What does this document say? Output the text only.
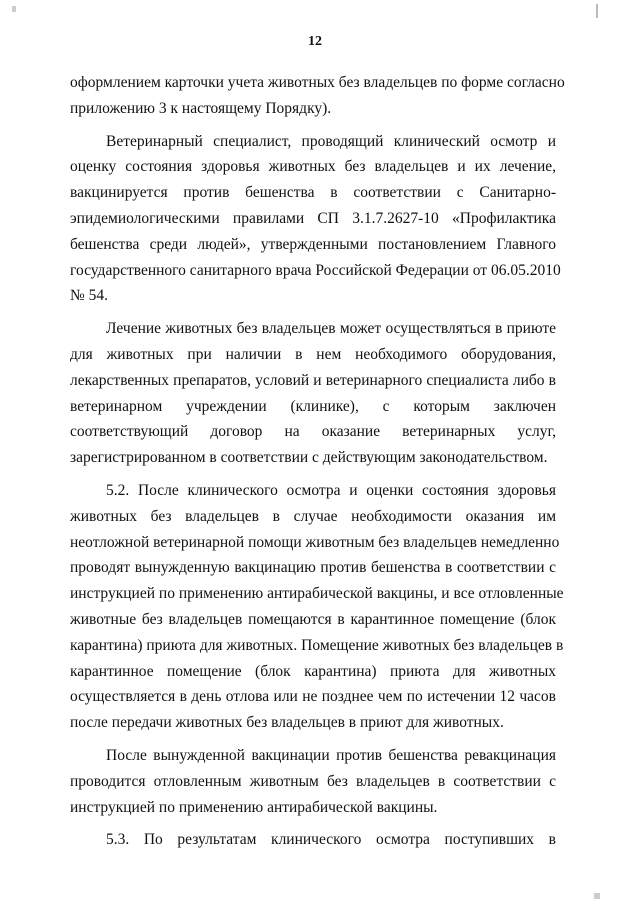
12
оформлением карточки учета животных без владельцев по форме согласно
приложению 3 к настоящему Порядку).
Ветеринарный специалист, проводящий клинический осмотр и
оценку состояния здоровья животных без владельцев и их лечение,
вакцинируется против бешенства в соответствии с Санитарно-
эпидемиологическими правилами СП 3.1.7.2627-10 «Профилактика
бешенства среди людей», утвержденными постановлением Главного
государственного санитарного врача Российской Федерации от 06.05.2010
№ 54.
Лечение животных без владельцев может осуществляться в приюте
для животных при наличии в нем необходимого оборудования,
лекарственных препаратов, условий и ветеринарного специалиста либо в
ветеринарном учреждении (клинике), с которым заключен
соответствующий договор на оказание ветеринарных услуг,
зарегистрированном в соответствии с действующим законодательством.
5.2. После клинического осмотра и оценки состояния здоровья
животных без владельцев в случае необходимости оказания им
неотложной ветеринарной помощи животным без владельцев немедленно
проводят вынужденную вакцинацию против бешенства в соответствии с
инструкцией по применению антирабической вакцины, и все отловленные
животные без владельцев помещаются в карантинное помещение (блок
карантина) приюта для животных. Помещение животных без владельцев в
карантинное помещение (блок карантина) приюта для животных
осуществляется в день отлова или не позднее чем по истечении 12 часов
после передачи животных без владельцев в приют для животных.
После вынужденной вакцинации против бешенства ревакцинация
проводится отловленным животным без владельцев в соответствии с
инструкцией по применению антирабической вакцины.
5.3. По результатам клинического осмотра поступивших в
